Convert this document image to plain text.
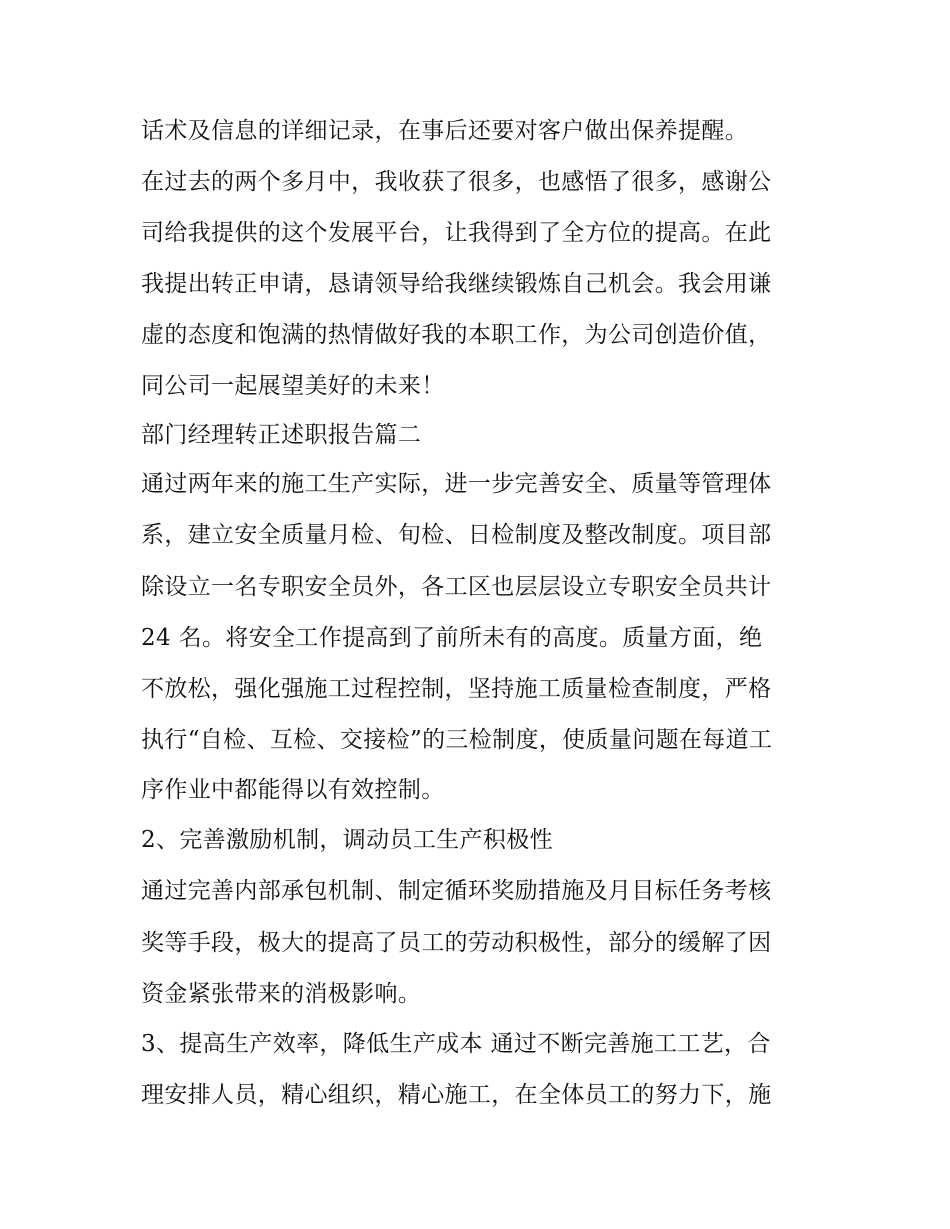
话术及信息的详细记录，在事后还要对客户做出保养提醒。

在过去的两个多月中，我收获了很多，也感悟了很多，感谢公

司给我提供的这个发展平台，让我得到了全方位的提高。在此

我提出转正申请，恳请领导给我继续锻炼自己机会。我会用谦

虚的态度和饱满的热情做好我的本职工作，为公司创造价值，

同公司一起展望美好的未来！

部门经理转正述职报告篇二

通过两年来的施工生产实际，进一步完善安全、质量等管理体

系，建立安全质量月检、旬检、日检制度及整改制度。项目部

除设立一名专职安全员外，各工区也层层设立专职安全员共计

24 名。将安全工作提高到了前所未有的高度。质量方面，绝

不放松，强化强施工过程控制，坚持施工质量检查制度，严格

执行“自检、互检、交接检”的三检制度，使质量问题在每道工

序作业中都能得以有效控制。

2、完善激励机制，调动员工生产积极性

通过完善内部承包机制、制定循环奖励措施及月目标任务考核

奖等手段，极大的提高了员工的劳动积极性，部分的缓解了因

资金紧张带来的消极影响。

3、提高生产效率，降低生产成本 通过不断完善施工工艺，合

理安排人员，精心组织，精心施工，在全体员工的努力下，施
